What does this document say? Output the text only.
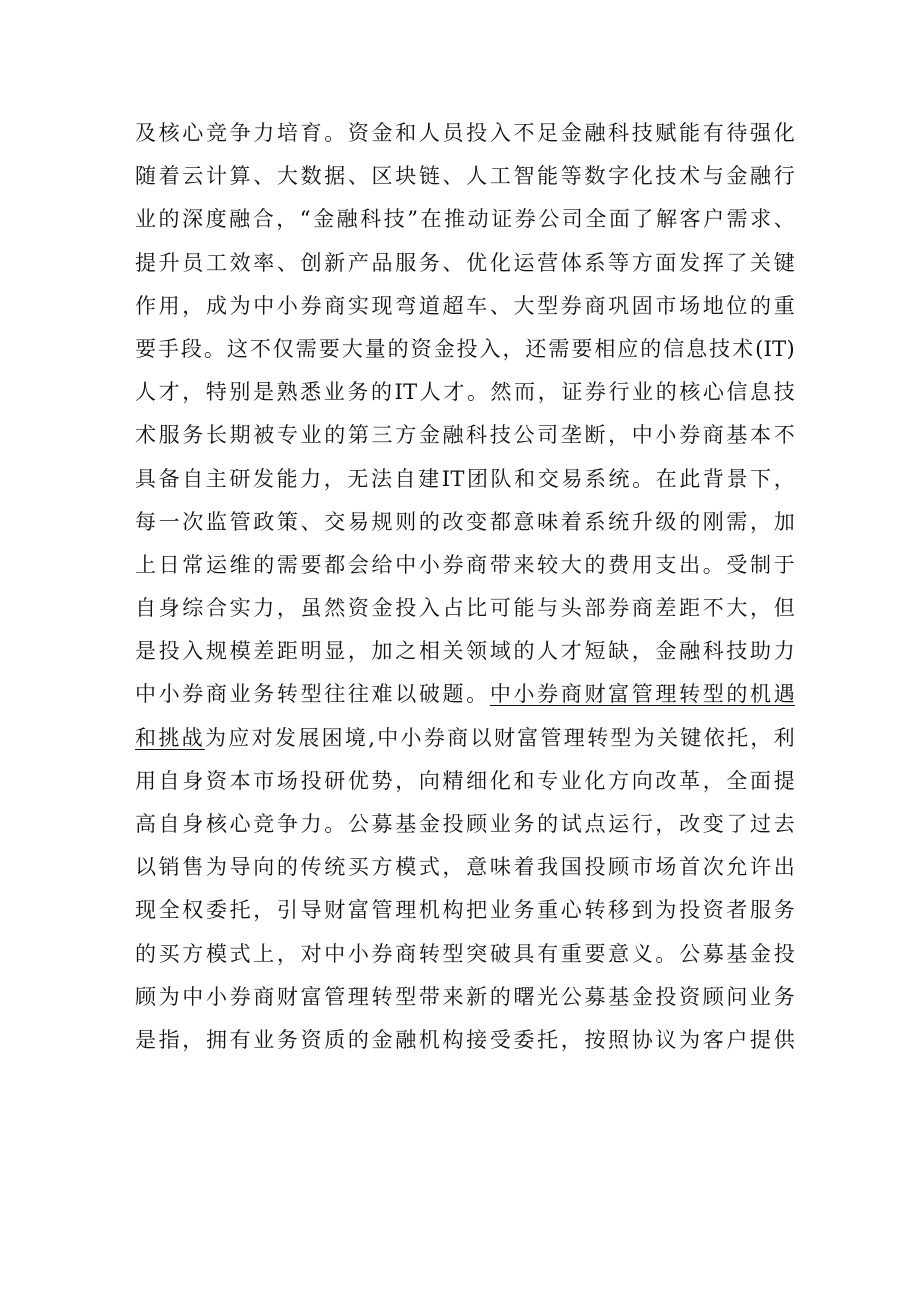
及核心竞争力培育。资金和人员投入不足金融科技赋能有待强化
随着云计算、大数据、区块链、人工智能等数字化技术与金融行
业的深度融合，“金融科技”在推动证券公司全面了解客户需求、
提升员工效率、创新产品服务、优化运营体系等方面发挥了关键
作用，成为中小券商实现弯道超车、大型券商巩固市场地位的重
要手段。这不仅需要大量的资金投入，还需要相应的信息技术(IT)
人才，特别是熟悉业务的IT人才。然而，证券行业的核心信息技
术服务长期被专业的第三方金融科技公司垄断，中小券商基本不
具备自主研发能力，无法自建IT团队和交易系统。在此背景下，
每一次监管政策、交易规则的改变都意味着系统升级的刚需，加
上日常运维的需要都会给中小券商带来较大的费用支出。受制于
自身综合实力，虽然资金投入占比可能与头部券商差距不大，但
是投入规模差距明显，加之相关领域的人才短缺，金融科技助力
中小券商业务转型往往难以破题。中小券商财富管理转型的机遇
和挑战为应对发展困境,中小券商以财富管理转型为关键依托，利
用自身资本市场投研优势，向精细化和专业化方向改革，全面提
高自身核心竞争力。公募基金投顾业务的试点运行，改变了过去
以销售为导向的传统买方模式，意味着我国投顾市场首次允许出
现全权委托，引导财富管理机构把业务重心转移到为投资者服务
的买方模式上，对中小券商转型突破具有重要意义。公募基金投
顾为中小券商财富管理转型带来新的曙光公募基金投资顾问业务
是指，拥有业务资质的金融机构接受委托，按照协议为客户提供
